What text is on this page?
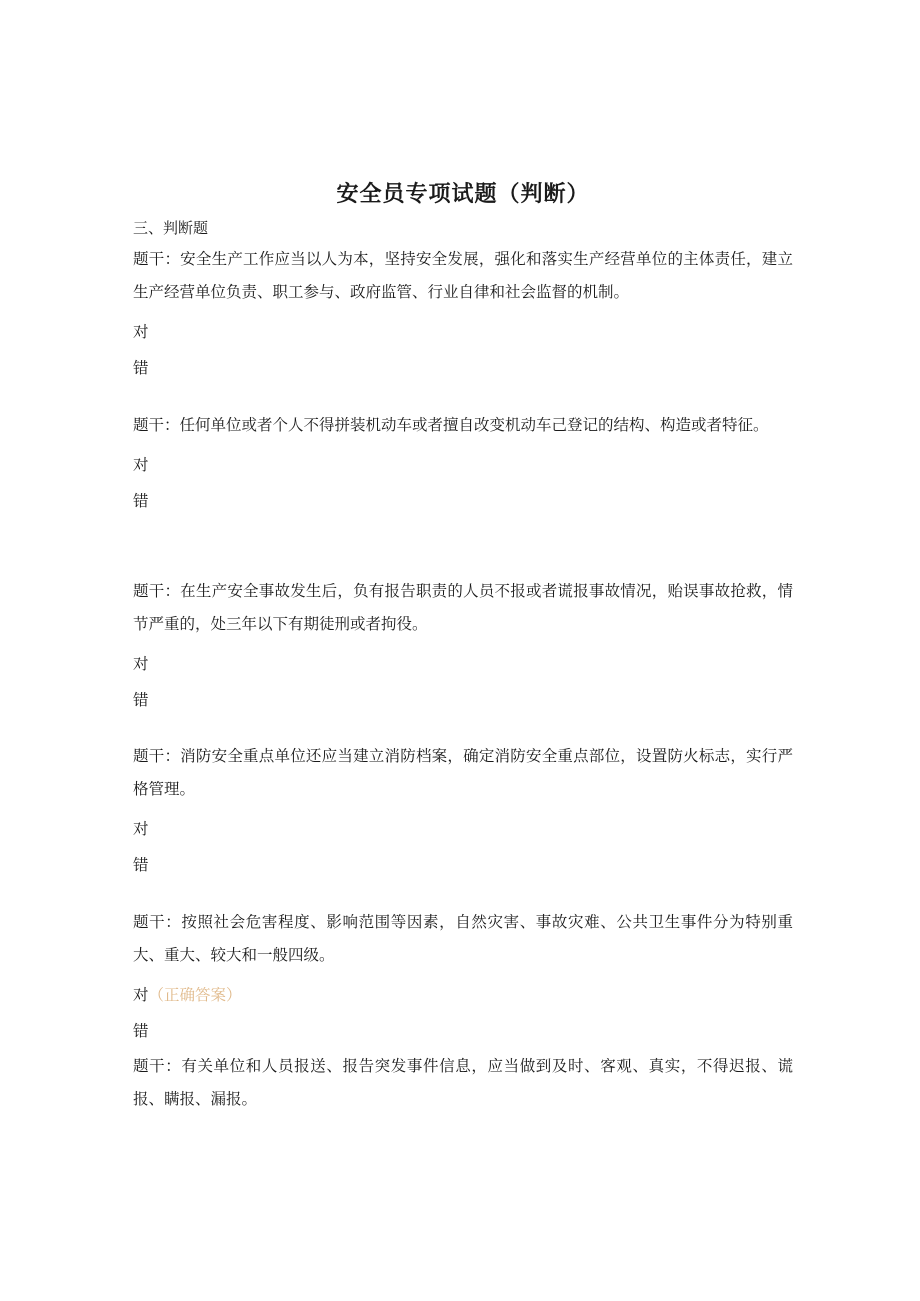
安全员专项试题（判断）
三、判断题

题干：安全生产工作应当以人为本，坚持安全发展，强化和落实生产经营单位的主体责任，建立生产经营单位负责、职工参与、政府监管、行业自律和社会监督的机制。

对

错

题干：任何单位或者个人不得拼装机动车或者擅自改变机动车己登记的结构、构造或者特征。

对

错

题干：在生产安全事故发生后，负有报告职责的人员不报或者谎报事故情况，贻误事故抢救，情节严重的，处三年以下有期徒刑或者拘役。

对

错

题干：消防安全重点单位还应当建立消防档案，确定消防安全重点部位，设置防火标志，实行严格管理。

对

错

题干：按照社会危害程度、影响范围等因素，自然灾害、事故灾难、公共卫生事件分为特别重大、重大、较大和一般四级。

对（正确答案）

错

题干：有关单位和人员报送、报告突发事件信息，应当做到及时、客观、真实，不得迟报、谎报、瞒报、漏报。
